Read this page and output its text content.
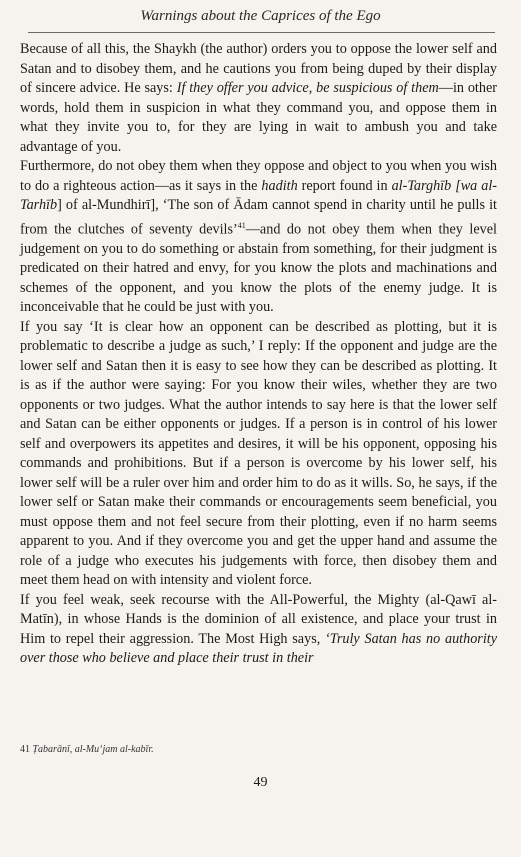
Warnings about the Caprices of the Ego

Because of all this, the Shaykh (the author) orders you to oppose the lower self and Satan and to disobey them, and he cautions you from being duped by their display of sincere advice. He says: If they offer you advice, be suspicious of them—in other words, hold them in suspicion in what they command you, and oppose them in what they invite you to, for they are lying in wait to ambush you and take advantage of you.

Furthermore, do not obey them when they oppose and object to you when you wish to do a righteous action—as it says in the hadith report found in al-Targhīb [wa al-Tarhīb] of al-Mundhirī], ‘The son of Ādam cannot spend in charity until he pulls it from the clutches of seventy devils’$^{41}$—and do not obey them when they level judgement on you to do something or abstain from something, for their judgment is predicated on their hatred and envy, for you know the plots and machinations and schemes of the opponent, and you know the plots of the enemy judge. It is inconceivable that he could be just with you.

If you say ‘It is clear how an opponent can be described as plotting, but it is problematic to describe a judge as such,’ I reply: If the opponent and judge are the lower self and Satan then it is easy to see how they can be described as plotting. It is as if the author were saying: For you know their wiles, whether they are two opponents or two judges. What the author intends to say here is that the lower self and Satan can be either opponents or judges. If a person is in control of his lower self and overpowers its appetites and desires, it will be his opponent, opposing his commands and prohibitions. But if a person is overcome by his lower self, his lower self will be a ruler over him and order him to do as it wills. So, he says, if the lower self or Satan make their commands or encouragements seem beneficial, you must oppose them and not feel secure from their plotting, even if no harm seems apparent to you. And if they overcome you and get the upper hand and assume the role of a judge who executes his judgements with force, then disobey them and meet them head on with intensity and violent force.

If you feel weak, seek recourse with the All-Powerful, the Mighty (al-Qawī al-Matīn), in whose Hands is the dominion of all existence, and place your trust in Him to repel their aggression. The Most High says, ‘Truly Satan has no authority over those who believe and place their trust in their

41 Ṭabarānī, al-Mu‘jam al-kabīr.
49
